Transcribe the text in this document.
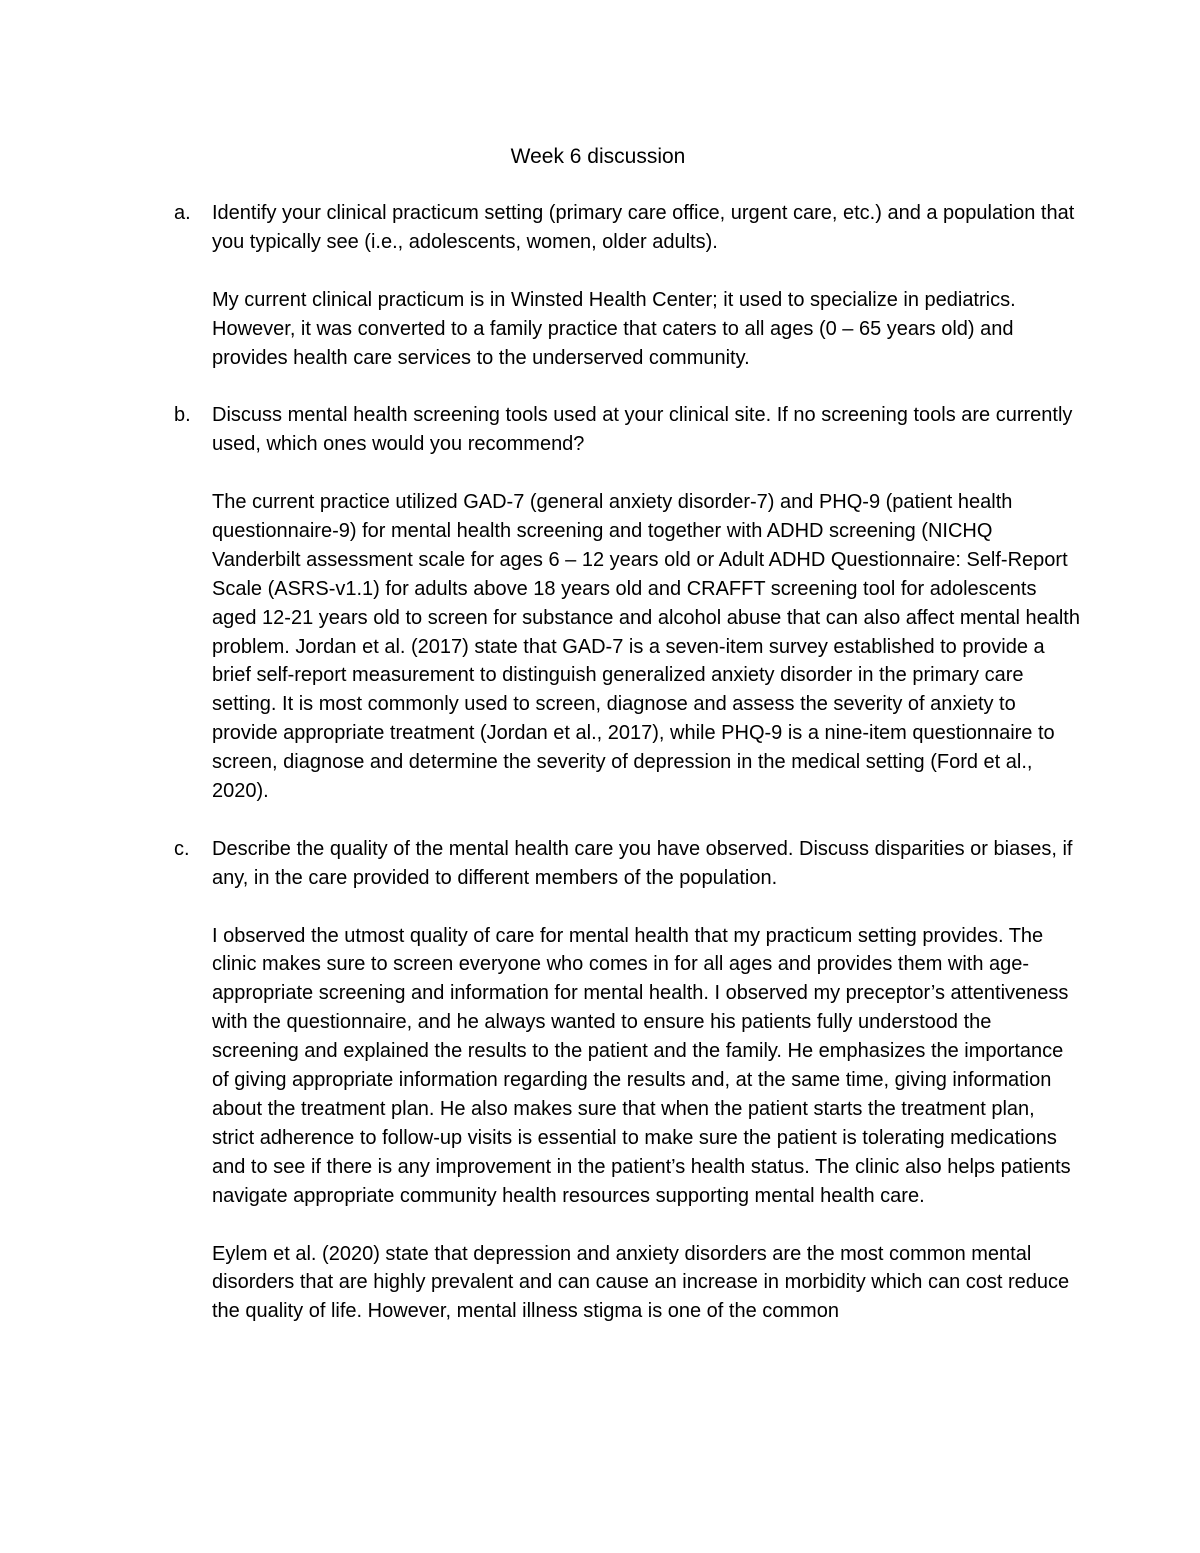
Week 6 discussion
a. Identify your clinical practicum setting (primary care office, urgent care, etc.) and a population that you typically see (i.e., adolescents, women, older adults).

My current clinical practicum is in Winsted Health Center; it used to specialize in pediatrics. However, it was converted to a family practice that caters to all ages (0 – 65 years old) and provides health care services to the underserved community.

b. Discuss mental health screening tools used at your clinical site. If no screening tools are currently used, which ones would you recommend?

The current practice utilized GAD-7 (general anxiety disorder-7) and PHQ-9 (patient health questionnaire-9) for mental health screening and together with ADHD screening (NICHQ Vanderbilt assessment scale for ages 6 – 12 years old or Adult ADHD Questionnaire: Self-Report Scale (ASRS-v1.1) for adults above 18 years old and CRAFFT screening tool for adolescents aged 12-21 years old to screen for substance and alcohol abuse that can also affect mental health problem. Jordan et al. (2017) state that GAD-7 is a seven-item survey established to provide a brief self-report measurement to distinguish generalized anxiety disorder in the primary care setting. It is most commonly used to screen, diagnose and assess the severity of anxiety to provide appropriate treatment (Jordan et al., 2017), while PHQ-9 is a nine-item questionnaire to screen, diagnose and determine the severity of depression in the medical setting (Ford et al., 2020).

c. Describe the quality of the mental health care you have observed. Discuss disparities or biases, if any, in the care provided to different members of the population.

I observed the utmost quality of care for mental health that my practicum setting provides. The clinic makes sure to screen everyone who comes in for all ages and provides them with age-appropriate screening and information for mental health. I observed my preceptor’s attentiveness with the questionnaire, and he always wanted to ensure his patients fully understood the screening and explained the results to the patient and the family. He emphasizes the importance of giving appropriate information regarding the results and, at the same time, giving information about the treatment plan. He also makes sure that when the patient starts the treatment plan, strict adherence to follow-up visits is essential to make sure the patient is tolerating medications and to see if there is any improvement in the patient’s health status. The clinic also helps patients navigate appropriate community health resources supporting mental health care.

Eylem et al. (2020) state that depression and anxiety disorders are the most common mental disorders that are highly prevalent and can cause an increase in morbidity which can cost reduce the quality of life. However, mental illness stigma is one of the common
